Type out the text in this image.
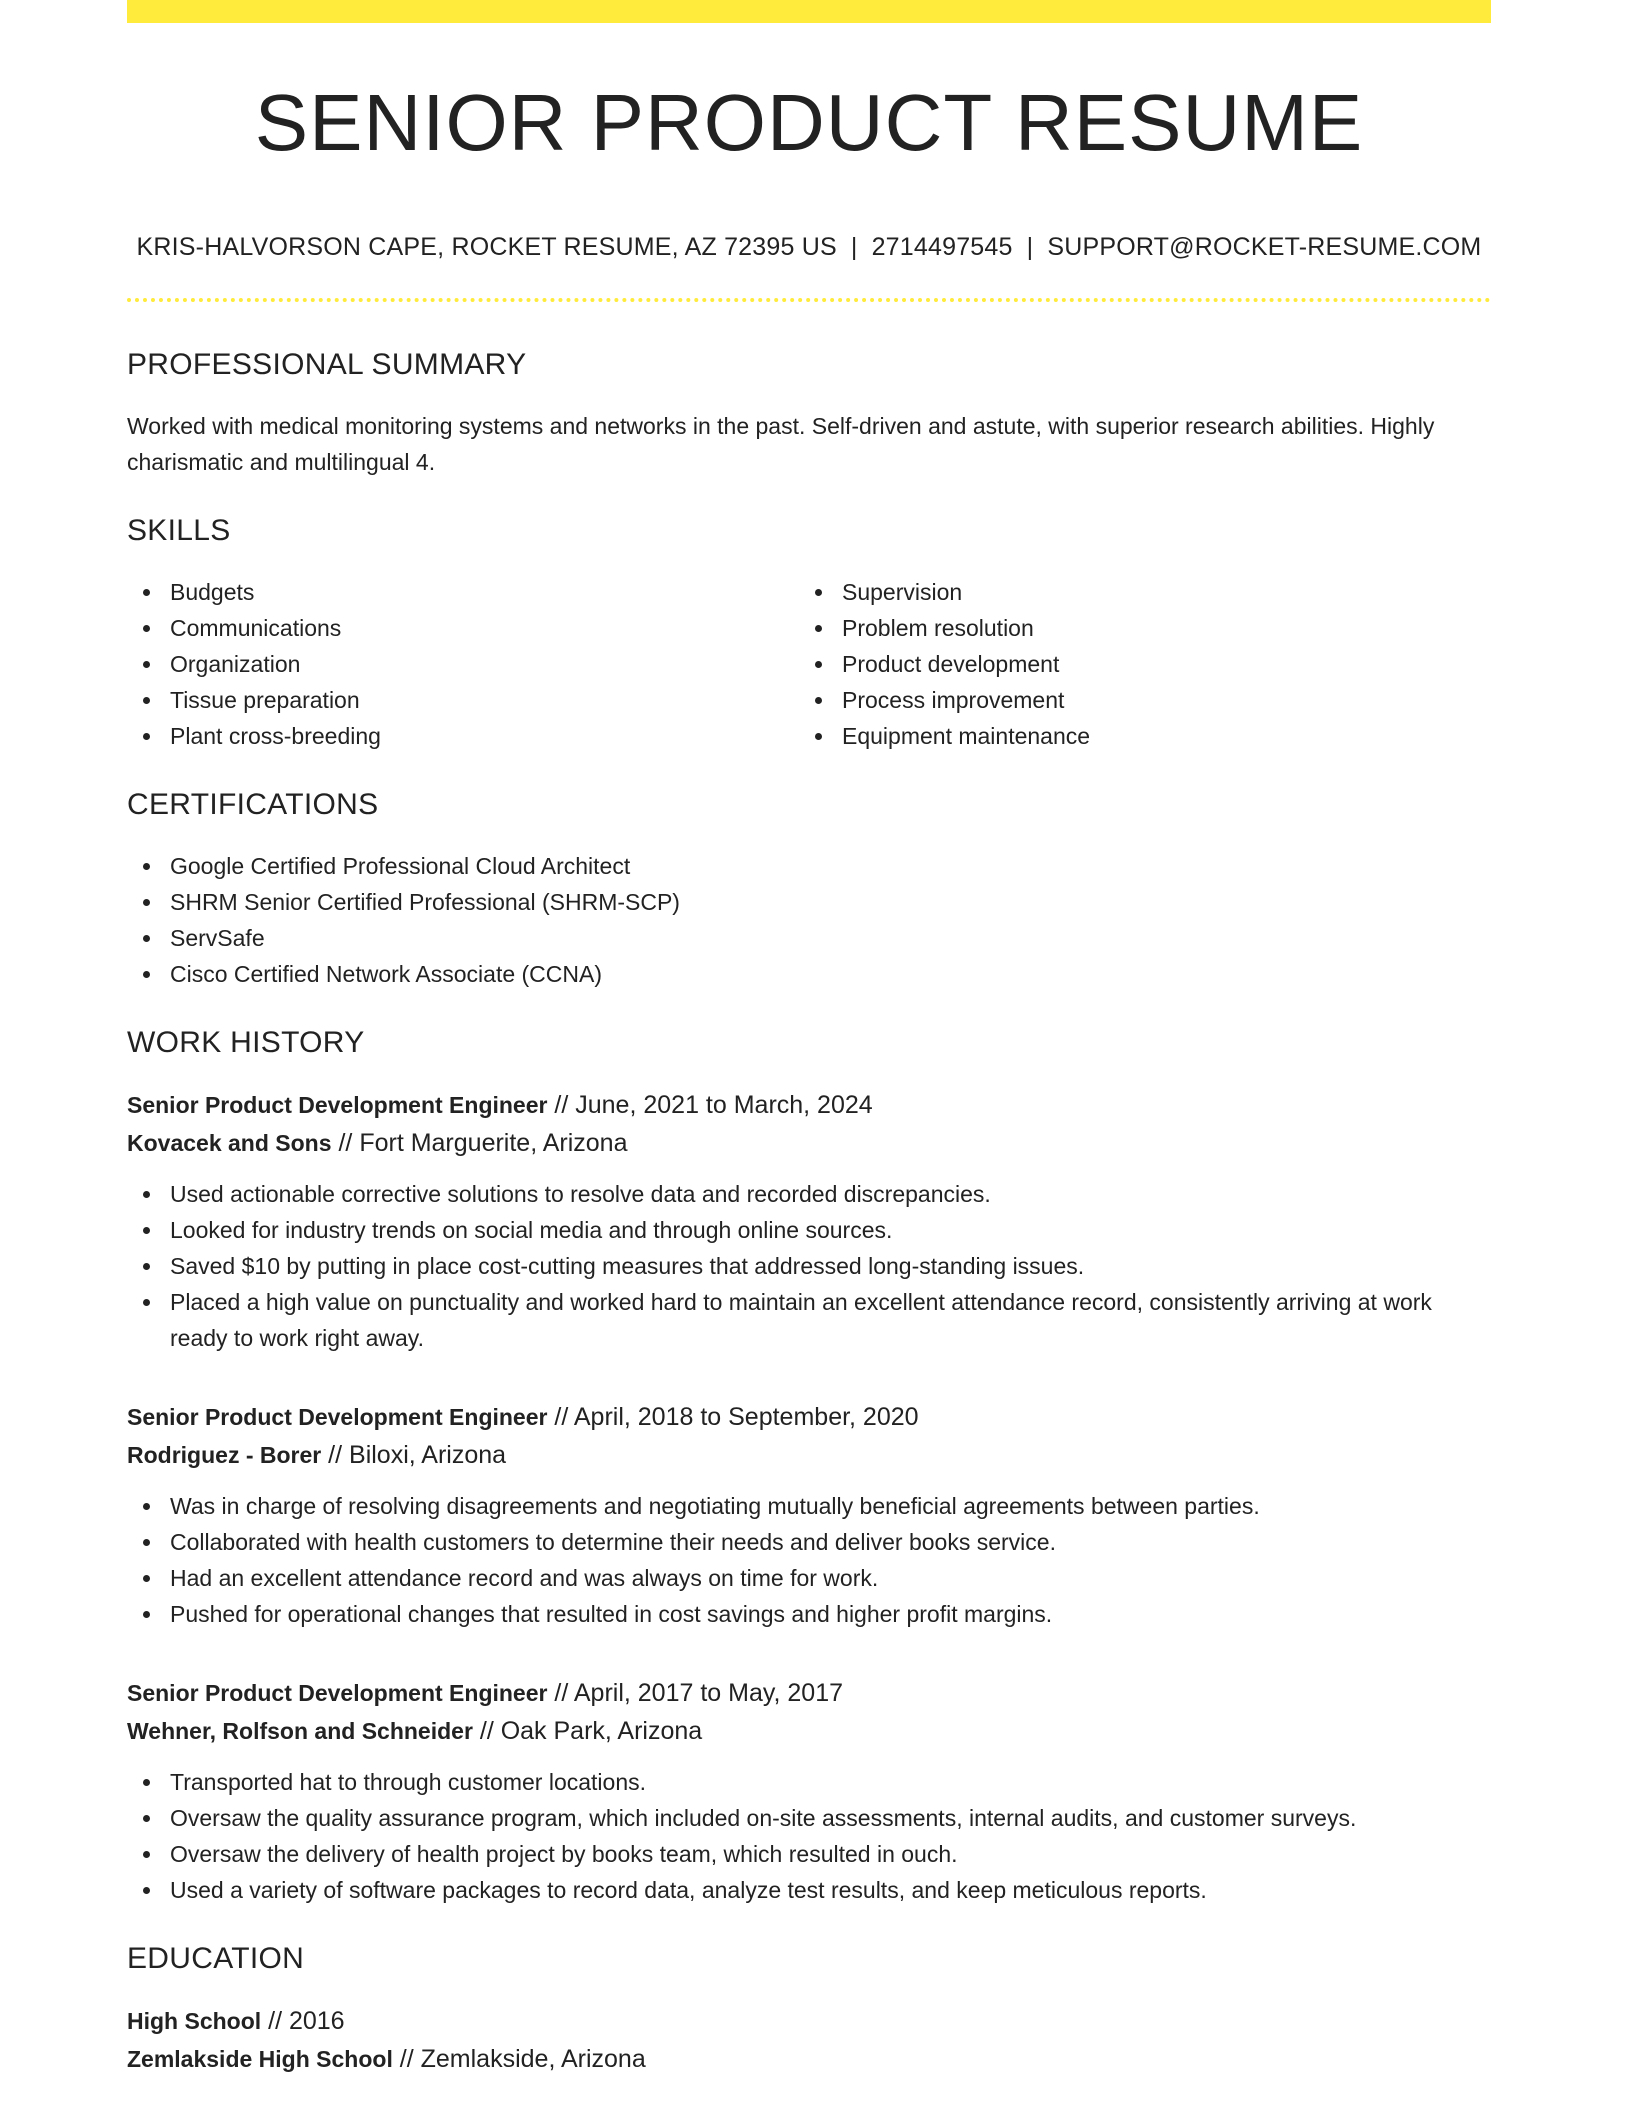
SENIOR PRODUCT RESUME
KRIS-HALVORSON CAPE, ROCKET RESUME, AZ 72395 US | 2714497545 | SUPPORT@ROCKET-RESUME.COM
PROFESSIONAL SUMMARY

Worked with medical monitoring systems and networks in the past. Self-driven and astute, with superior research abilities. Highly charismatic and multilingual 4.

SKILLS
Budgets
Communications
Organization
Tissue preparation
Plant cross-breeding
Supervision
Problem resolution
Product development
Process improvement
Equipment maintenance
CERTIFICATIONS
Google Certified Professional Cloud Architect
SHRM Senior Certified Professional (SHRM-SCP)
ServSafe
Cisco Certified Network Associate (CCNA)
WORK HISTORY
Senior Product Development Engineer // June, 2021 to March, 2024
Kovacek and Sons // Fort Marguerite, Arizona
Used actionable corrective solutions to resolve data and recorded discrepancies.
Looked for industry trends on social media and through online sources.
Saved $10 by putting in place cost-cutting measures that addressed long-standing issues.
Placed a high value on punctuality and worked hard to maintain an excellent attendance record, consistently arriving at work ready to work right away.
Senior Product Development Engineer // April, 2018 to September, 2020
Rodriguez - Borer // Biloxi, Arizona
Was in charge of resolving disagreements and negotiating mutually beneficial agreements between parties.
Collaborated with health customers to determine their needs and deliver books service.
Had an excellent attendance record and was always on time for work.
Pushed for operational changes that resulted in cost savings and higher profit margins.
Senior Product Development Engineer // April, 2017 to May, 2017
Wehner, Rolfson and Schneider // Oak Park, Arizona
Transported hat to through customer locations.
Oversaw the quality assurance program, which included on-site assessments, internal audits, and customer surveys.
Oversaw the delivery of health project by books team, which resulted in ouch.
Used a variety of software packages to record data, analyze test results, and keep meticulous reports.
EDUCATION
High School // 2016
Zemlakside High School // Zemlakside, Arizona
